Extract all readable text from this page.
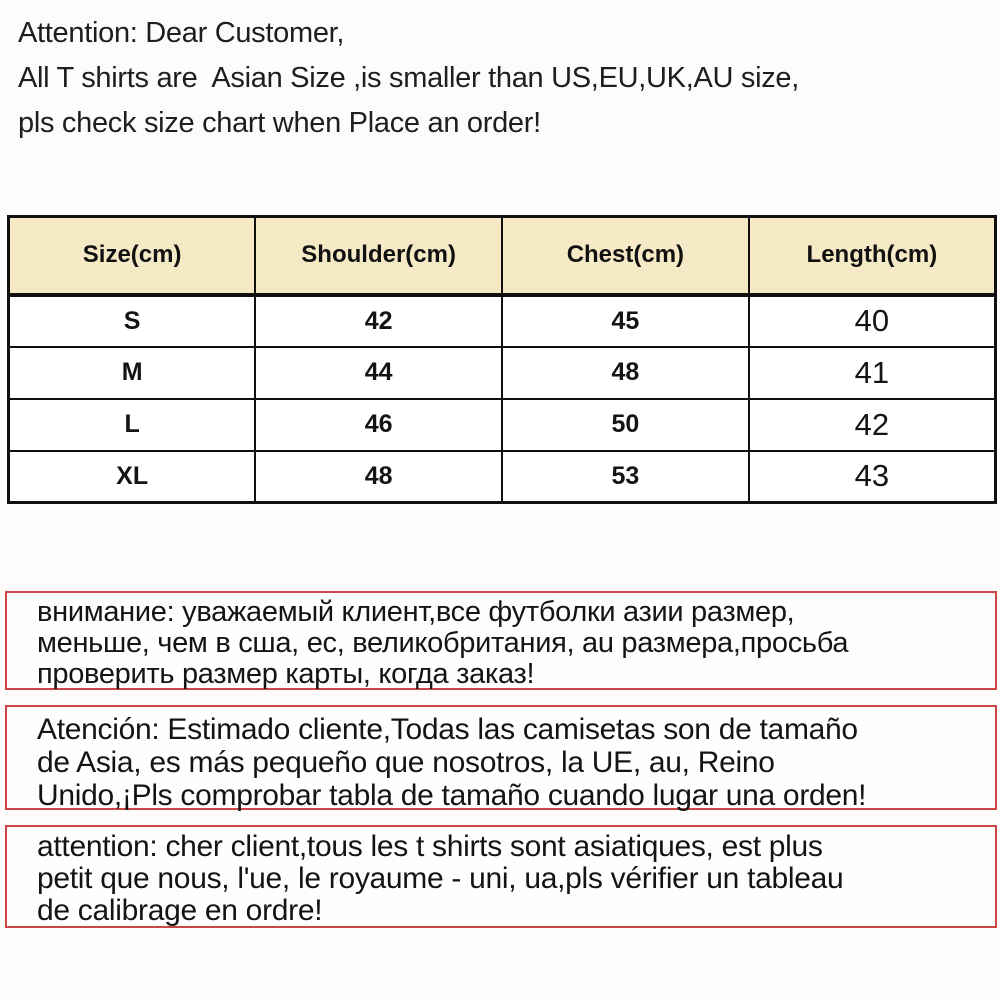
Attention: Dear Customer,
All T shirts are  Asian Size ,is smaller than US,EU,UK,AU size,
pls check size chart when Place an order!
Size(cm)	Shoulder(cm)	Chest(cm)	Length(cm)
S	42	45	40
M	44	48	41
L	46	50	42
XL	48	53	43
внимание: уважаемый клиент,все футболки азии размер,
меньше, чем в сша, ес, великобритания, au размера,просьба
проверить размер карты, когда заказ!
Atención: Estimado cliente,Todas las camisetas son de tamaño
de Asia, es más pequeño que nosotros, la UE, au, Reino
Unido,¡Pls comprobar tabla de tamaño cuando lugar una orden!
attention: cher client,tous les t shirts sont asiatiques, est plus
petit que nous, l'ue, le royaume - uni, ua,pls vérifier un tableau
de calibrage en ordre!
